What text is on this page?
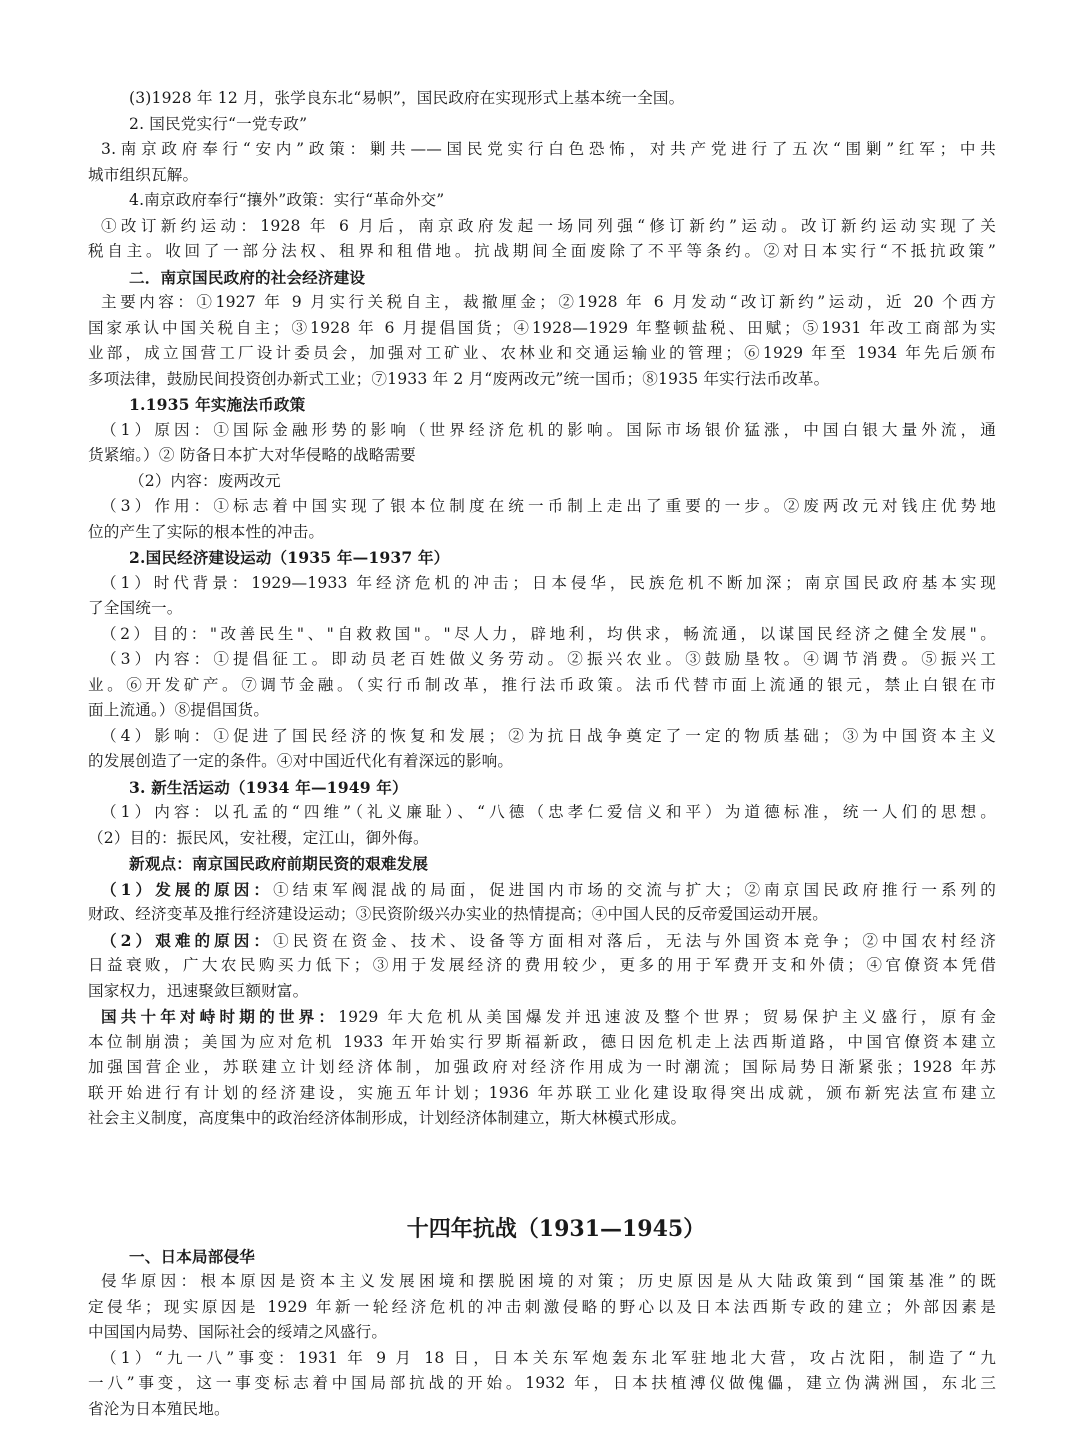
(3)1928 年 12 月，张学良东北“易帜”，国民政府在实现形式上基本统一全国。
2. 国民党实行“一党专政”
3.南京政府奉行“安内”政策：剿共——国民党实行白色恐怖，对共产党进行了五次“围剿”红军；中共
城市组织瓦解。
4.南京政府奉行“攘外”政策：实行“革命外交”
①改订新约运动：1928 年 6 月后，南京政府发起一场同列强“修订新约”运动。改订新约运动实现了关
税自主。收回了一部分法权、租界和租借地。抗战期间全面废除了不平等条约。②对日本实行“不抵抗政策”
二．南京国民政府的社会经济建设
主要内容：①1927 年 9 月实行关税自主，裁撤厘金；②1928 年 6 月发动“改订新约”运动，近 20 个西方
国家承认中国关税自主；③1928 年 6 月提倡国货；④1928—1929 年整顿盐税、田赋；⑤1931 年改工商部为实
业部，成立国营工厂设计委员会，加强对工矿业、农林业和交通运输业的管理；⑥1929 年至 1934 年先后颁布
多项法律，鼓励民间投资创办新式工业；⑦1933 年 2 月“废两改元”统一国币；⑧1935 年实行法币改革。
1.1935 年实施法币政策
（1）原因：①国际金融形势的影响（世界经济危机的影响。国际市场银价猛涨，中国白银大量外流，通
货紧缩。）② 防备日本扩大对华侵略的战略需要
（2）内容：废两改元
（3）作用：①标志着中国实现了银本位制度在统一币制上走出了重要的一步。②废两改元对钱庄优势地
位的产生了实际的根本性的冲击。
2.国民经济建设运动（1935 年—1937 年）
（1）时代背景：1929—1933 年经济危机的冲击；日本侵华，民族危机不断加深；南京国民政府基本实现
了全国统一。
（2）目的："改善民生"、"自救救国"。"尽人力，辟地利，均供求，畅流通，以谋国民经济之健全发展"。
（3）内容：①提倡征工。即动员老百姓做义务劳动。②振兴农业。③鼓励垦牧。④调节消费。⑤振兴工
业。⑥开发矿产。⑦调节金融。（实行币制改革，推行法币政策。法币代替市面上流通的银元，禁止白银在市
面上流通。）⑧提倡国货。
（4）影响：①促进了国民经济的恢复和发展；②为抗日战争奠定了一定的物质基础；③为中国资本主义
的发展创造了一定的条件。④对中国近代化有着深远的影响。
3. 新生活运动（1934 年—1949 年）
（1）内容：以孔孟的“四维”（礼义廉耻）、“八德（忠孝仁爱信义和平）为道德标准，统一人们的思想。
（2）目的：振民风，安社稷，定江山，御外侮。
新观点：南京国民政府前期民资的艰难发展
（1）发展的原因：①结束军阀混战的局面，促进国内市场的交流与扩大；②南京国民政府推行一系列的
财政、经济变革及推行经济建设运动；③民资阶级兴办实业的热情提高；④中国人民的反帝爱国运动开展。
（2）艰难的原因：①民资在资金、技术、设备等方面相对落后，无法与外国资本竞争；②中国农村经济
日益衰败，广大农民购买力低下；③用于发展经济的费用较少，更多的用于军费开支和外债；④官僚资本凭借
国家权力，迅速聚敛巨额财富。
国共十年对峙时期的世界：1929 年大危机从美国爆发并迅速波及整个世界；贸易保护主义盛行，原有金
本位制崩溃；美国为应对危机 1933 年开始实行罗斯福新政，德日因危机走上法西斯道路，中国官僚资本建立
加强国营企业，苏联建立计划经济体制，加强政府对经济作用成为一时潮流；国际局势日渐紧张；1928 年苏
联开始进行有计划的经济建设，实施五年计划；1936 年苏联工业化建设取得突出成就，颁布新宪法宣布建立
社会主义制度，高度集中的政治经济体制形成，计划经济体制建立，斯大林模式形成。
十四年抗战（1931—1945）
一、日本局部侵华
侵华原因：根本原因是资本主义发展困境和摆脱困境的对策；历史原因是从大陆政策到“国策基准”的既
定侵华；现实原因是 1929 年新一轮经济危机的冲击刺激侵略的野心以及日本法西斯专政的建立；外部因素是
中国国内局势、国际社会的绥靖之风盛行。
（1）“九一八”事变：1931 年 9 月 18 日，日本关东军炮轰东北军驻地北大营，攻占沈阳，制造了“九
一八”事变，这一事变标志着中国局部抗战的开始。1932 年，日本扶植溥仪做傀儡，建立伪满洲国，东北三
省沦为日本殖民地。
